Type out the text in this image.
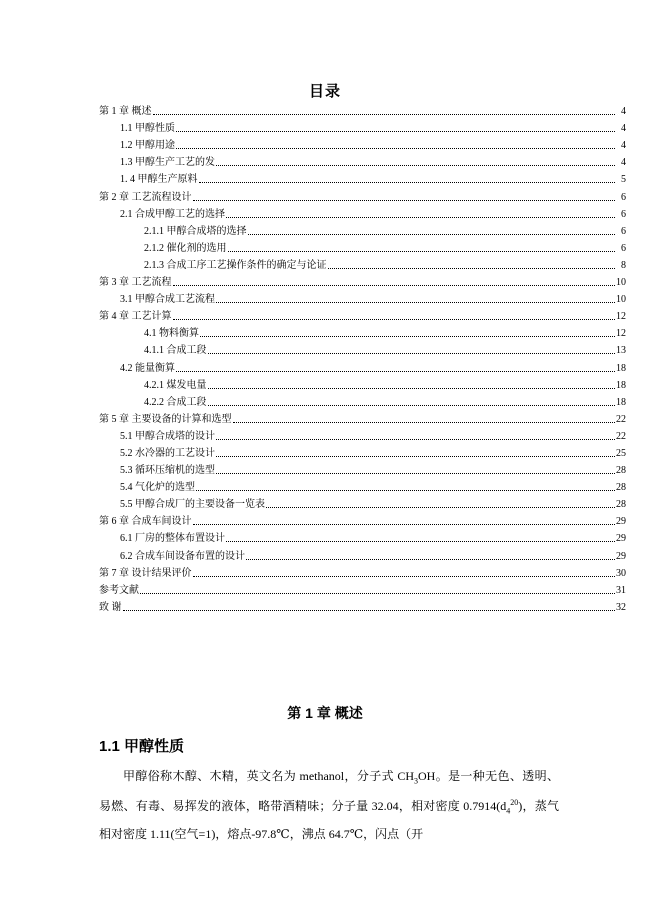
目录
第 1 章 概述	4
1.1 甲醇性质	4
1.2 甲醇用途	4
1.3 甲醇生产工艺的发	4
1. 4 甲醇生产原料	5
第 2 章 工艺流程设计	6
2.1 合成甲醇工艺的选择	6
2.1.1 甲醇合成塔的选择	6
2.1.2 催化剂的选用	6
2.1.3 合成工序工艺操作条件的确定与论证	8
第 3 章 工艺流程	10
3.1 甲醇合成工艺流程	10
第 4 章 工艺计算	12
4.1 物料衡算	12
4.1.1 合成工段	13
4.2 能量衡算	18
4.2.1 煤发电量	18
4.2.2 合成工段	18
第 5 章 主要设备的计算和选型	22
5.1 甲醇合成塔的设计	22
5.2 水冷器的工艺设计	25
5.3 循环压缩机的选型	28
5.4 气化炉的选型	28
5.5 甲醇合成厂的主要设备一览表	28
第 6 章 合成车间设计	29
6.1 厂房的整体布置设计	29
6.2 合成车间设备布置的设计	29
第 7 章 设计结果评价	30
参考文献	31
致 谢	32
第 1 章 概述
1.1 甲醇性质
甲醇俗称木醇、木精，英文名为 methanol，分子式 $CH_3OH$。是一种无色、透明、易燃、有毒、易挥发的液体，略带酒精味；分子量 32.04，相对密度 $0.7914(d_4^{20})$，蒸气相对密度 1.11(空气=1)，熔点-97.8℃，沸点 64.7℃，闪点（开
